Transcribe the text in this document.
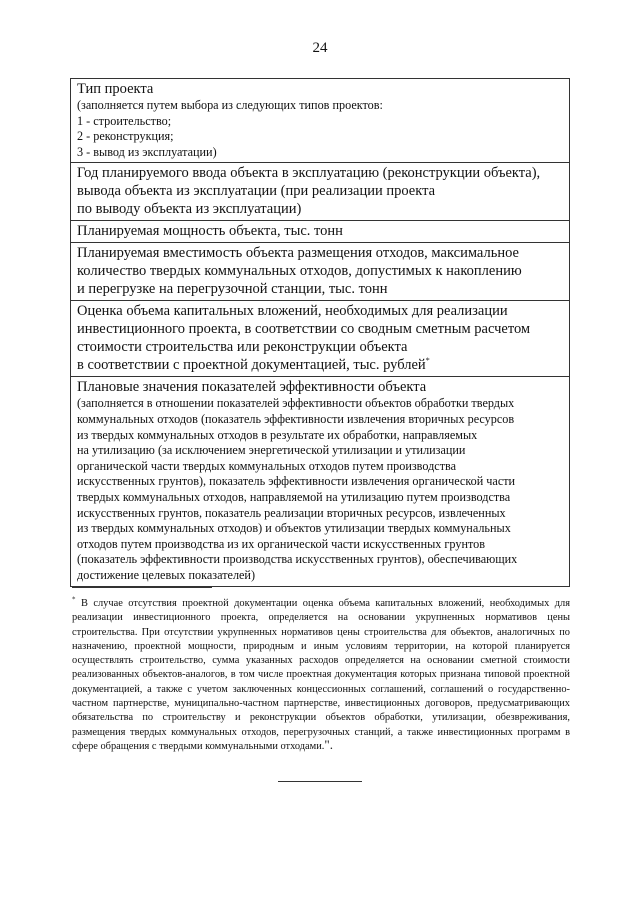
24
Тип проекта
(заполняется путем выбора из следующих типов проектов:
1 - строительство;
2 - реконструкция;
3 - вывод из эксплуатации)

Год планируемого ввода объекта в эксплуатацию (реконструкции объекта),
вывода объекта из эксплуатации (при реализации проекта
по выводу объекта из эксплуатации)

Планируемая мощность объекта, тыс. тонн

Планируемая вместимость объекта размещения отходов, максимальное
количество твердых коммунальных отходов, допустимых к накоплению
и перегрузке на перегрузочной станции, тыс. тонн

Оценка объема капитальных вложений, необходимых для реализации
инвестиционного проекта, в соответствии со сводным сметным расчетом
стоимости строительства или реконструкции объекта
в соответствии с проектной документацией, тыс. рублей*

Плановые значения показателей эффективности объекта
(заполняется в отношении показателей эффективности объектов обработки твердых
коммунальных отходов (показатель эффективности извлечения вторичных ресурсов
из твердых коммунальных отходов в результате их обработки, направляемых
на утилизацию (за исключением энергетической утилизации и утилизации
органической части твердых коммунальных отходов путем производства
искусственных грунтов), показатель эффективности извлечения органической части
твердых коммунальных отходов, направляемой на утилизацию путем производства
искусственных грунтов, показатель реализации вторичных ресурсов, извлеченных
из твердых коммунальных отходов) и объектов утилизации твердых коммунальных
отходов путем производства из их органической части искусственных грунтов
(показатель эффективности производства искусственных грунтов), обеспечивающих
достижение целевых показателей)
* В случае отсутствия проектной документации оценка объема капитальных вложений, необходимых для реализации инвестиционного проекта, определяется на основании укрупненных нормативов цены строительства. При отсутствии укрупненных нормативов цены строительства для объектов, аналогичных по назначению, проектной мощности, природным и иным условиям территории, на которой планируется осуществлять строительство, сумма указанных расходов определяется на основании сметной стоимости реализованных объектов-аналогов, в том числе проектная документация которых признана типовой проектной документацией, а также с учетом заключенных концессионных соглашений, соглашений о государственно-частном партнерстве, муниципально-частном партнерстве, инвестиционных договоров, предусматривающих обязательства по строительству и реконструкции объектов обработки, утилизации, обезвреживания, размещения твердых коммунальных отходов, перегрузочных станций, а также инвестиционных программ в сфере обращения с твердыми коммунальными отходами.".
